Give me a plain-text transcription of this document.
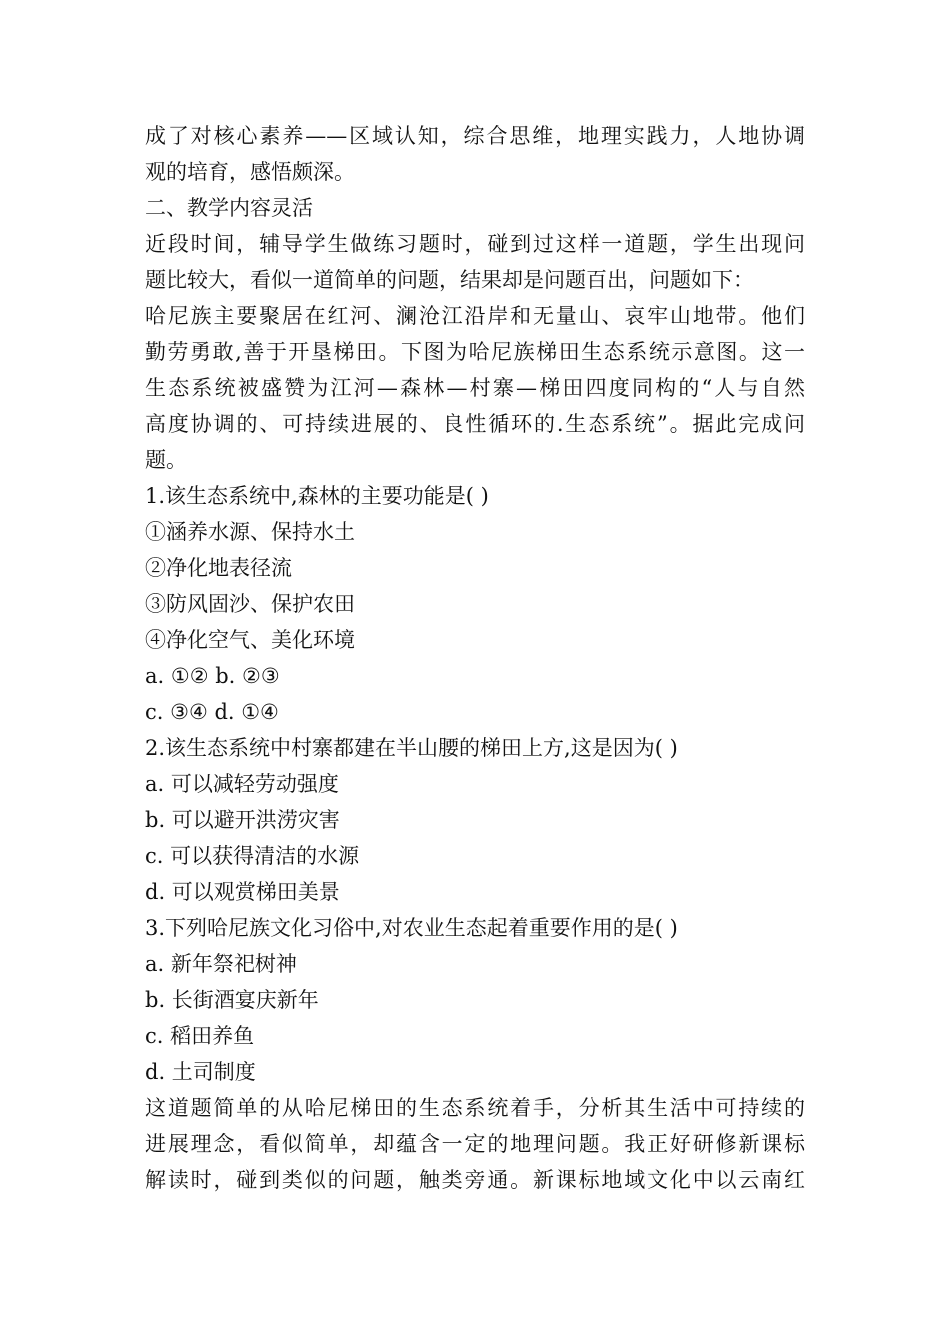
成了对核心素养——区域认知，综合思维，地理实践力，人地协调
观的培育，感悟颇深。
二、教学内容灵活
近段时间，辅导学生做练习题时，碰到过这样一道题，学生出现问
题比较大，看似一道简单的问题，结果却是问题百出，问题如下：
哈尼族主要聚居在红河、澜沧江沿岸和无量山、哀牢山地带。他们
勤劳勇敢,善于开垦梯田。下图为哈尼族梯田生态系统示意图。这一
生态系统被盛赞为江河—森林—村寨—梯田四度同构的“人与自然
高度协调的、可持续进展的、良性循环的.生态系统”。据此完成问
题。
1.该生态系统中,森林的主要功能是( )
①涵养水源、保持水土
②净化地表径流
③防风固沙、保护农田
④净化空气、美化环境
a. ①② b. ②③
c. ③④ d. ①④
2.该生态系统中村寨都建在半山腰的梯田上方,这是因为( )
a. 可以减轻劳动强度
b. 可以避开洪涝灾害
c. 可以获得清洁的水源
d. 可以观赏梯田美景
3.下列哈尼族文化习俗中,对农业生态起着重要作用的是( )
a. 新年祭祀树神
b. 长街酒宴庆新年
c. 稻田养鱼
d. 土司制度
这道题简单的从哈尼梯田的生态系统着手，分析其生活中可持续的
进展理念，看似简单，却蕴含一定的地理问题。我正好研修新课标
解读时，碰到类似的问题，触类旁通。新课标地域文化中以云南红
